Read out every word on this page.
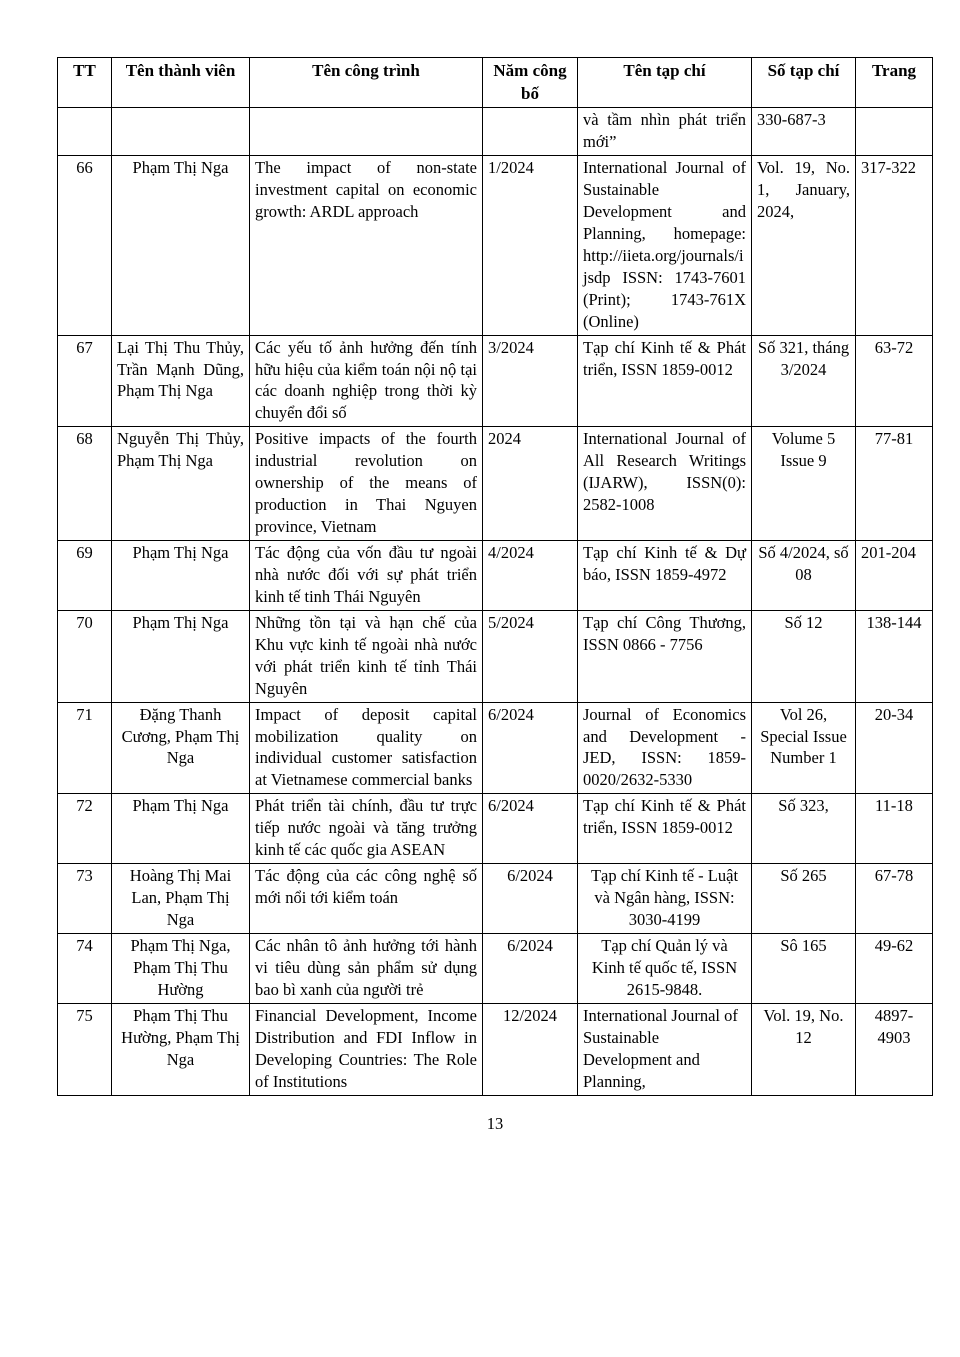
TT	Tên thành viên	Tên công trình	Năm công bố	Tên tạp chí	Số tạp chí	Trang
				và tầm nhìn phát triển mới”	330-687-3	
66	Phạm Thị Nga	The impact of non-state investment capital on economic growth: ARDL approach	1/2024	International Journal of Sustainable Development and Planning, homepage: http://iieta.org/journals/ijsdp ISSN: 1743-7601 (Print); 1743-761X (Online)	Vol. 19, No. 1, January, 2024,	317-322
67	Lại Thị Thu Thủy, Trần Mạnh Dũng, Phạm Thị Nga	Các yếu tố ảnh hưởng đến tính hữu hiệu của kiểm toán nội nộ tại các doanh nghiệp trong thời kỳ chuyển đổi số	3/2024	Tạp chí Kinh tế & Phát triển, ISSN 1859-0012	Số 321, tháng 3/2024	63-72
68	Nguyễn Thị Thủy, Phạm Thị Nga	Positive impacts of the fourth industrial revolution on ownership of the means of production in Thai Nguyen province, Vietnam	2024	International Journal of All Research Writings (IJARW), ISSN(0): 2582-1008	Volume 5 Issue 9	77-81
69	Phạm Thị Nga	Tác động của vốn đầu tư ngoài nhà nước đối với sự phát triển kinh tế tinh Thái Nguyên	4/2024	Tạp chí Kinh tế & Dự báo, ISSN 1859-4972	Số 4/2024, số 08	201-204
70	Phạm Thị Nga	Những tồn tại và hạn chế của Khu vực kinh tế ngoài nhà nước với phát triển kinh tế tỉnh Thái Nguyên	5/2024	Tạp chí Công Thương, ISSN 0866 - 7756	Số 12	138-144
71	Đặng Thanh Cương, Phạm Thị Nga	Impact of deposit capital mobilization quality on individual customer satisfaction at Vietnamese commercial banks	6/2024	Journal of Economics and Development - JED, ISSN: 1859-0020/2632-5330	Vol 26, Special Issue Number 1	20-34
72	Phạm Thị Nga	Phát triển tài chính, đầu tư trực tiếp nước ngoài và tăng trưởng kinh tế các quốc gia ASEAN	6/2024	Tạp chí Kinh tế & Phát triển, ISSN 1859-0012	Số 323,	11-18
73	Hoàng Thị Mai Lan, Phạm Thị Nga	Tác động của các công nghệ số mới nổi tới kiểm toán	6/2024	Tạp chí Kinh tế - Luật và Ngân hàng, ISSN: 3030-4199	Số 265	67-78
74	Phạm Thị Nga, Phạm Thị Thu Hường	Các nhân tô ảnh hưởng tới hành vi tiêu dùng sản phẩm sử dụng bao bì xanh của người trẻ	6/2024	Tạp chí Quản lý và Kinh tế quốc tế, ISSN 2615-9848.	Sô 165	49-62
75	Phạm Thị Thu Hường, Phạm Thị Nga	Financial Development, Income Distribution and FDI Inflow in Developing Countries: The Role of Institutions	12/2024	International Journal of Sustainable Development and Planning,	Vol. 19, No. 12	4897-4903
13
